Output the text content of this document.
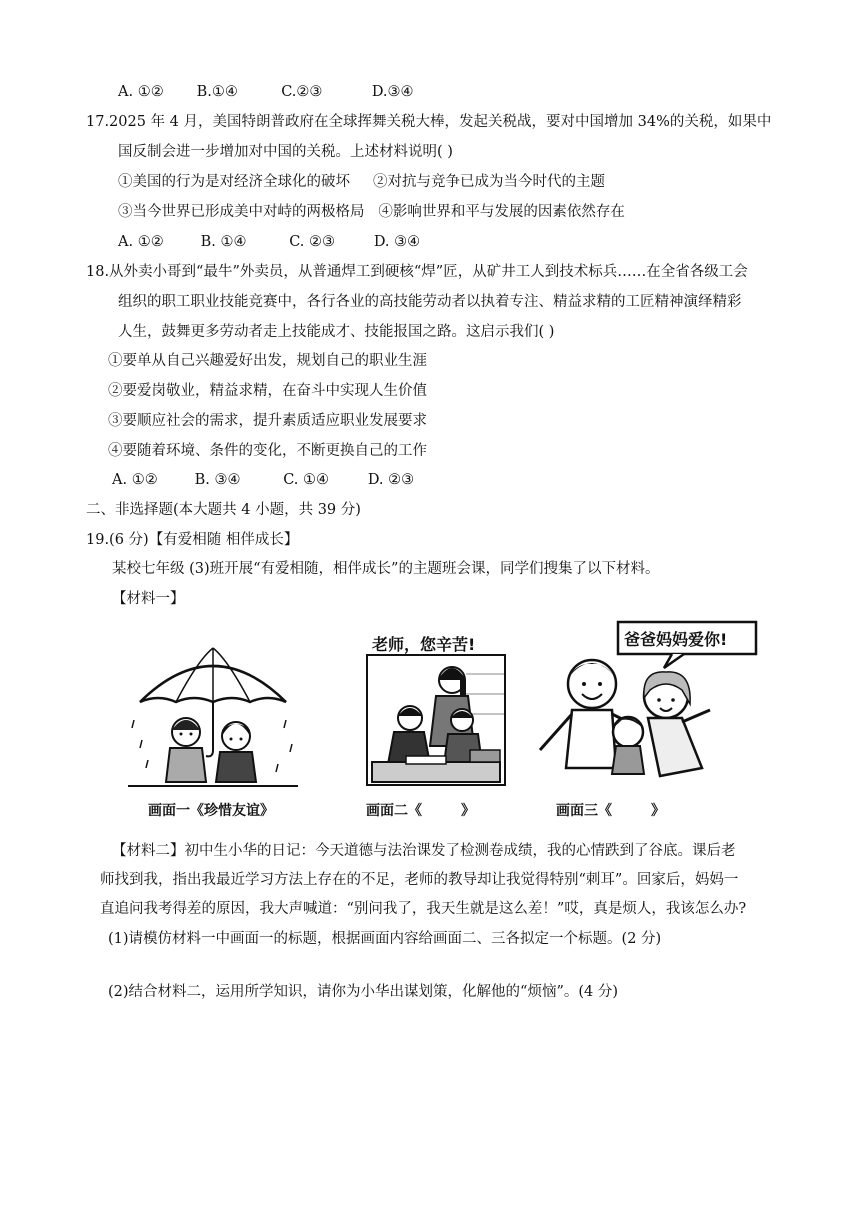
A. ①② B.①④	C.②③	D.③④
17.2025 年 4 月，美国特朗普政府在全球挥舞关税大棒，发起关税战，要对中国增加 34%的关税，如果中
国反制会进一步增加对中国的关税。上述材料说明( )
①美国的行为是对经济全球化的破坏     ②对抗与竞争已成为当今时代的主题
③当今世界已形成美中对峙的两极格局   ④影响世界和平与发展的因素依然存在
A. ①②	B. ①④	C. ②③	D. ③④
18.从外卖小哥到“最牛”外卖员，从普通焊工到硬核“焊”匠，从矿井工人到技术标兵……在全省各级工会
组织的职工职业技能竞赛中，各行各业的高技能劳动者以执着专注、精益求精的工匠精神演绎精彩
人生，鼓舞更多劳动者走上技能成才、技能报国之路。这启示我们( )
①要单从自己兴趣爱好出发，规划自己的职业生涯
②要爱岗敬业，精益求精，在奋斗中实现人生价值
③要顺应社会的需求，提升素质适应职业发展要求
④要随着环境、条件的变化，不断更换自己的工作
A. ①②	B. ③④	C. ①④	D. ②③
二、非选择题(本大题共 4 小题，共 39 分)
19.(6 分)【有爱相随 相伴成长】
某校七年级 (3)班开展“有爱相随，相伴成长”的主题班会课，同学们搜集了以下材料。
【材料一】
老师，您辛苦!	爸爸妈妈爱你!
画面一《珍惜友谊》	画面二《        》	画面三《        》
【材料二】初中生小华的日记：今天道德与法治课发了检测卷成绩，我的心情跌到了谷底。课后老
师找到我，指出我最近学习方法上存在的不足，老师的教导却让我觉得特别“刺耳”。回家后，妈妈一
直追问我考得差的原因，我大声喊道：“别问我了，我天生就是这么差！”哎，真是烦人，我该怎么办?
(1)请模仿材料一中画面一的标题，根据画面内容给画面二、三各拟定一个标题。(2 分)
(2)结合材料二，运用所学知识，请你为小华出谋划策，化解他的“烦恼”。(4 分)
